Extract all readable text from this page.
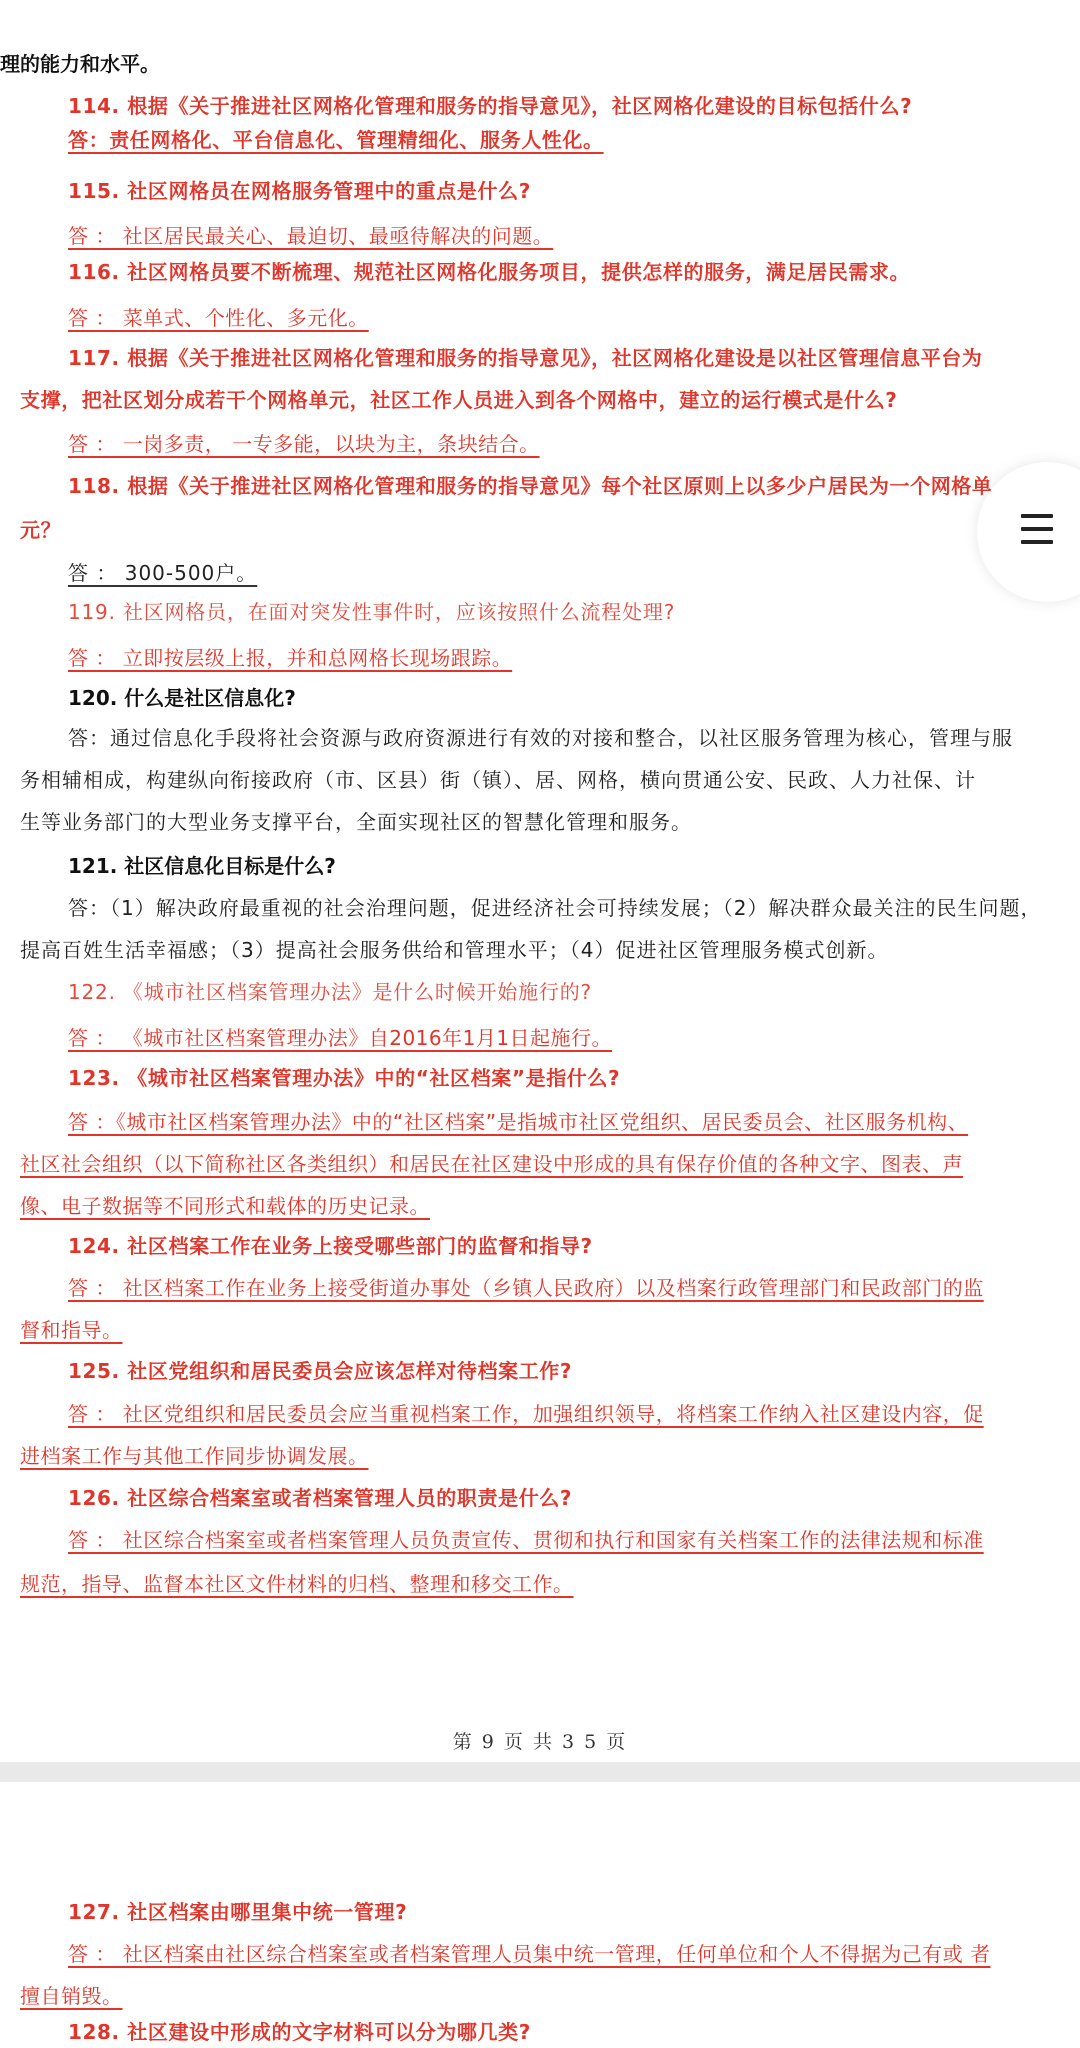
理的能力和水平。
114. 根据《关于推进社区网格化管理和服务的指导意见》，社区网格化建设的目标包括什么?
答：责任网格化、平台信息化、管理精细化、服务人性化。
115. 社区网格员在网格服务管理中的重点是什么?
答 ： 社区居民最关心、最迫切、最亟待解决的问题。
116. 社区网格员要不断梳理、规范社区网格化服务项目，提供怎样的服务，满足居民需求。
答 ： 菜单式、个性化、多元化。
117. 根据《关于推进社区网格化管理和服务的指导意见》，社区网格化建设是以社区管理信息平台为
支撑，把社区划分成若干个网格单元，社区工作人员进入到各个网格中，建立的运行模式是什么?
答 ： 一岗多责， 一专多能，以块为主，条块结合。
118. 根据《关于推进社区网格化管理和服务的指导意见》每个社区原则上以多少户居民为一个网格单
元？
答 ： 300-500户。
119. 社区网格员，在面对突发性事件时，应该按照什么流程处理?
答 ： 立即按层级上报，并和总网格长现场跟踪。
120. 什么是社区信息化?
答：通过信息化手段将社会资源与政府资源进行有效的对接和整合，以社区服务管理为核心，管理与服
务相辅相成，构建纵向衔接政府（市、区县）街（镇）、居、网格，横向贯通公安、民政、人力社保、计
生等业务部门的大型业务支撑平台，全面实现社区的智慧化管理和服务。
121. 社区信息化目标是什么?
答：（1）解决政府最重视的社会治理问题，促进经济社会可持续发展；（2）解决群众最关注的民生问题，
提高百姓生活幸福感；（3）提高社会服务供给和管理水平；（4）促进社区管理服务模式创新。
122. 《城市社区档案管理办法》是什么时候开始施行的?
答 ： 《城市社区档案管理办法》自2016年1月1日起施行。
123. 《城市社区档案管理办法》中的“社区档案”是指什么?
答 ：《城市社区档案管理办法》中的“社区档案”是指城市社区党组织、居民委员会、社区服务机构、
社区社会组织（以下简称社区各类组织）和居民在社区建设中形成的具有保存价值的各种文字、图表、声
像、电子数据等不同形式和载体的历史记录。
124. 社区档案工作在业务上接受哪些部门的监督和指导?
答 ： 社区档案工作在业务上接受街道办事处（乡镇人民政府）以及档案行政管理部门和民政部门的监
督和指导。
125. 社区党组织和居民委员会应该怎样对待档案工作?
答 ： 社区党组织和居民委员会应当重视档案工作，加强组织领导，将档案工作纳入社区建设内容，促
进档案工作与其他工作同步协调发展。
126. 社区综合档案室或者档案管理人员的职责是什么?
答 ： 社区综合档案室或者档案管理人员负责宣传、贯彻和执行和国家有关档案工作的法律法规和标准
规范，指导、监督本社区文件材料的归档、整理和移交工作。
第 9 页 共 3 5 页
127. 社区档案由哪里集中统一管理?
答 ： 社区档案由社区综合档案室或者档案管理人员集中统一管理，任何单位和个人不得据为己有或 者
擅自销毁。
128. 社区建设中形成的文字材料可以分为哪几类?
